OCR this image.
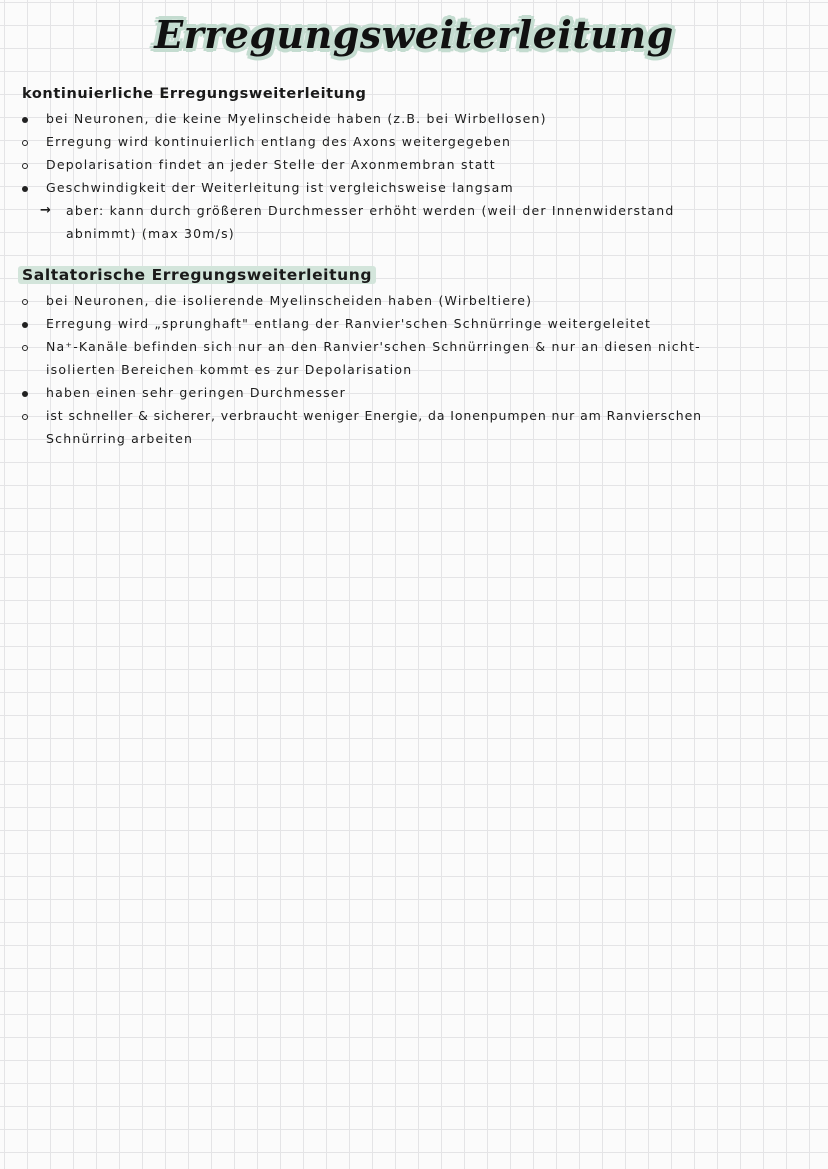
Erregungsweiterleitung
kontinuierliche Erregungsweiterleitung
bei Neuronen, die keine Myelinscheide haben (z.B. bei Wirbellosen)
Erregung wird kontinuierlich entlang des Axons weitergegeben
Depolarisation findet an jeder Stelle der Axonmembran statt
Geschwindigkeit der Weiterleitung ist vergleichsweise langsam
→ aber: kann durch größeren Durchmesser erhöht werden (weil der Innenwiderstand
abnimmt) (max 30m/s)
Saltatorische Erregungsweiterleitung
bei Neuronen, die isolierende Myelinscheiden haben (Wirbeltiere)
Erregung wird „sprunghaft" entlang der Ranvier'schen Schnürringe weitergeleitet
Na⁺-Kanäle befinden sich nur an den Ranvier'schen Schnürringen & nur an diesen nicht-
isolierten Bereichen kommt es zur Depolarisation
haben einen sehr geringen Durchmesser
ist schneller & sicherer, verbraucht weniger Energie, da Ionenpumpen nur am Ranvierschen
Schnürring arbeiten
